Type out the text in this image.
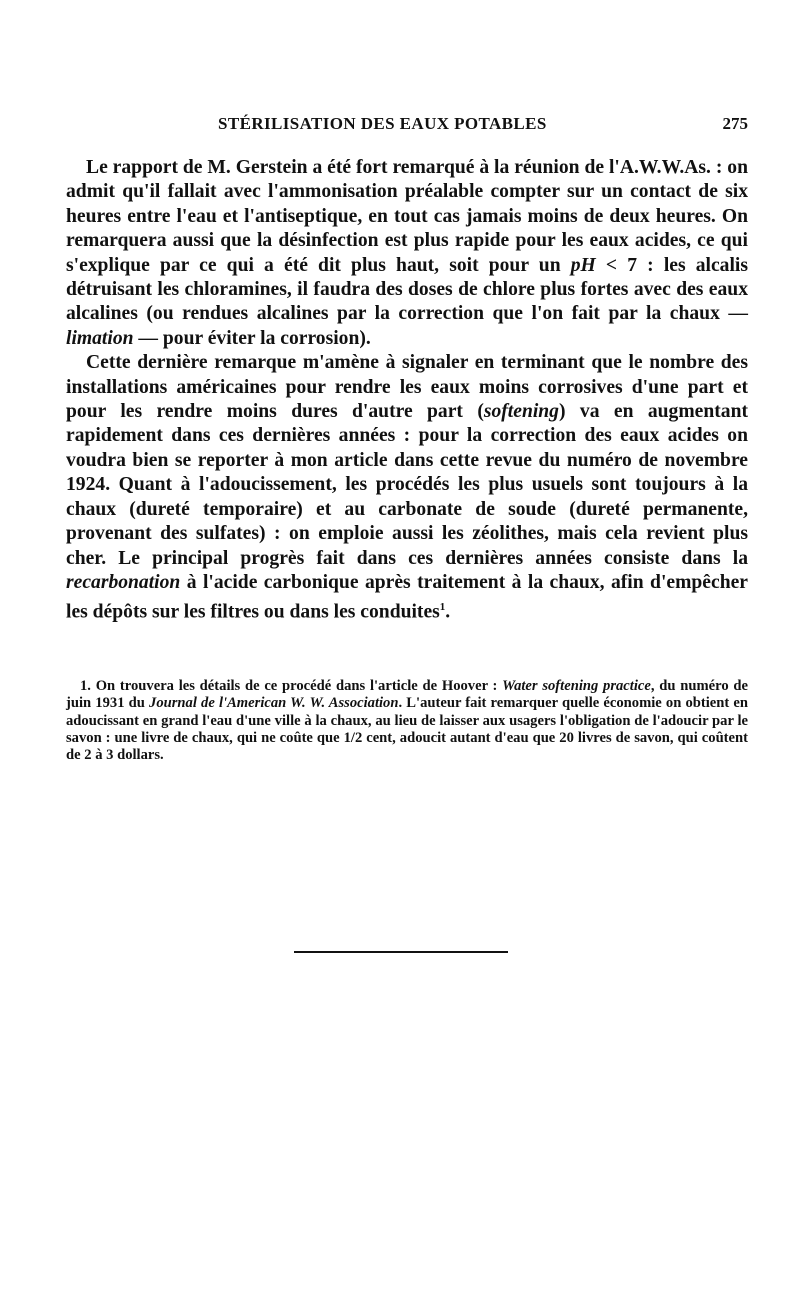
STÉRILISATION DES EAUX POTABLES	275

Le rapport de M. Gerstein a été fort remarqué à la réunion de l'A.W.W.As. : on admit qu'il fallait avec l'ammonisation préalable compter sur un contact de six heures entre l'eau et l'antiseptique, en tout cas jamais moins de deux heures. On remarquera aussi que la désinfection est plus rapide pour les eaux acides, ce qui s'explique par ce qui a été dit plus haut, soit pour un pH < 7 : les alcalis détruisant les chloramines, il faudra des doses de chlore plus fortes avec des eaux alcalines (ou rendues alcalines par la correction que l'on fait par la chaux — limation — pour éviter la corrosion).

Cette dernière remarque m'amène à signaler en terminant que le nombre des installations américaines pour rendre les eaux moins corrosives d'une part et pour les rendre moins dures d'autre part (softening) va en augmentant rapidement dans ces dernières années : pour la correction des eaux acides on voudra bien se reporter à mon article dans cette revue du numéro de novembre 1924. Quant à l'adoucissement, les procédés les plus usuels sont toujours à la chaux (dureté temporaire) et au carbonate de soude (dureté permanente, provenant des sulfates) : on emploie aussi les zéolithes, mais cela revient plus cher. Le principal progrès fait dans ces dernières années consiste dans la recarbonation à l'acide carbonique après traitement à la chaux, afin d'empêcher les dépôts sur les filtres ou dans les conduites$^1$.

1. On trouvera les détails de ce procédé dans l'article de Hoover : Water softening practice, du numéro de juin 1931 du Journal de l'American W. W. Association. L'auteur fait remarquer quelle économie on obtient en adoucissant en grand l'eau d'une ville à la chaux, au lieu de laisser aux usagers l'obligation de l'adoucir par le savon : une livre de chaux, qui ne coûte que 1/2 cent, adoucit autant d'eau que 20 livres de savon, qui coûtent de 2 à 3 dollars.
